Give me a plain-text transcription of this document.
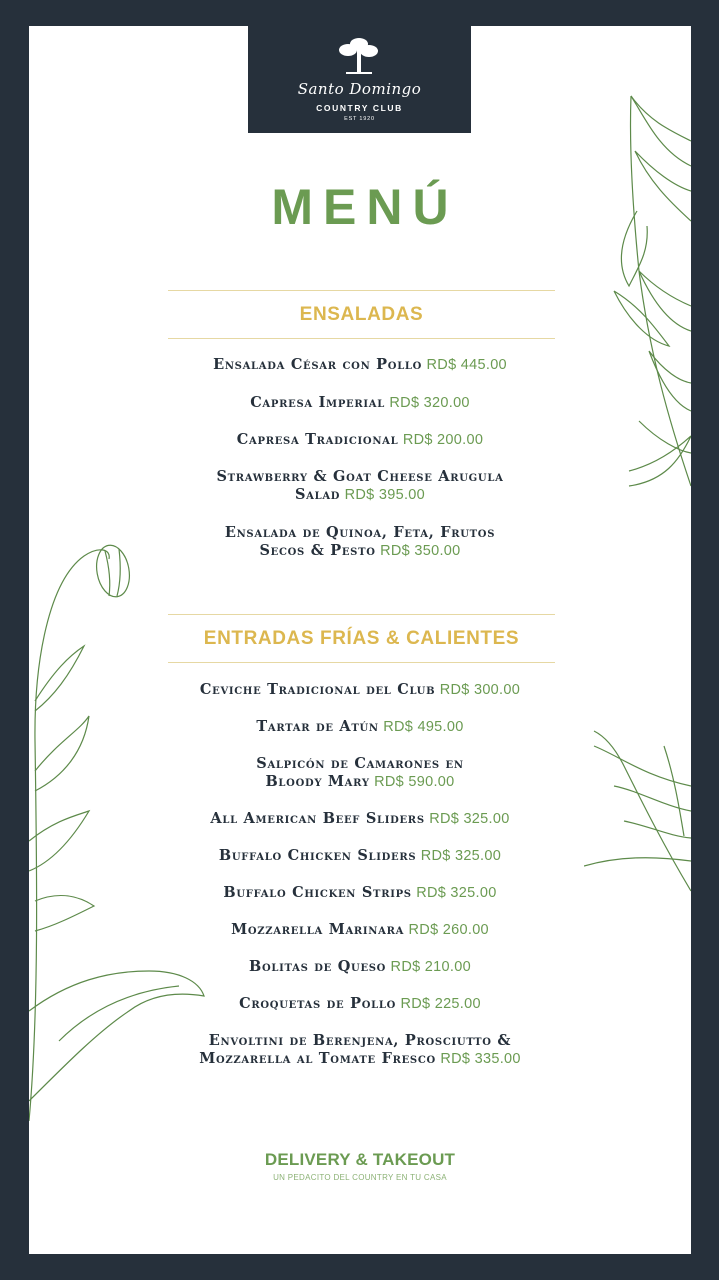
Santo Domingo
COUNTRY CLUB
EST 1920
MENÚ
ENSALADAS
Ensalada César con Pollo RD$ 445.00
Capresa Imperial RD$ 320.00
Capresa Tradicional RD$ 200.00
Strawberry & Goat Cheese Arugula
Salad RD$ 395.00
Ensalada de Quinoa, Feta, Frutos
Secos & Pesto RD$ 350.00
ENTRADAS FRÍAS & CALIENTES
Ceviche Tradicional del Club RD$ 300.00
Tartar de Atún RD$ 495.00
Salpicón de Camarones en
Bloody Mary RD$ 590.00
All American Beef Sliders RD$ 325.00
Buffalo Chicken Sliders RD$ 325.00
Buffalo Chicken Strips RD$ 325.00
Mozzarella Marinara RD$ 260.00
Bolitas de Queso RD$ 210.00
Croquetas de Pollo RD$ 225.00
Envoltini de Berenjena, Prosciutto &
Mozzarella al Tomate Fresco RD$ 335.00
DELIVERY & TAKEOUT
UN PEDACITO DEL COUNTRY EN TU CASA
